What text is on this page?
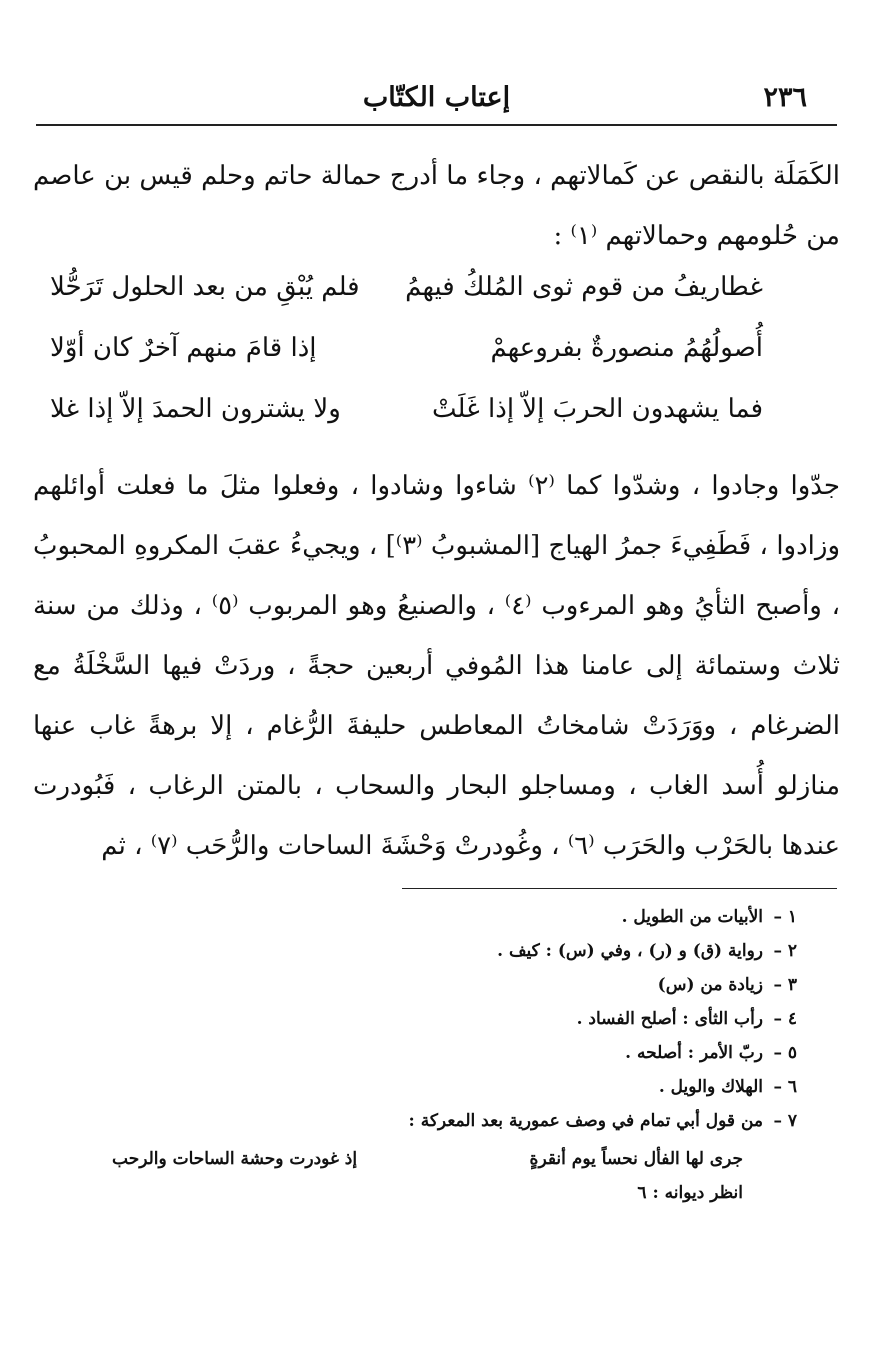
٢٣٦
إعتاب الكتّاب
الكَمَلَة بالنقص عن كَمالاتهم ، وجاء ما أدرج حمالة حاتم وحلم قيس بن عاصم من حُلومهم وحمالاتهم ⁽١⁾ :
غطاريفُ من قوم ثوى المُلكُ فيهمُ
فلم يُبْقِ من بعد الحلول تَرَحُّلا
أُصولُهُمُ منصورةٌ بفروعهمْ
إذا قامَ منهم آخرٌ كان أوّلا
فما يشهدون الحربَ إلاّ إذا غَلَتْ
ولا يشترون الحمدَ إلاّ إذا غلا
جدّوا وجادوا ، وشدّوا كما ⁽٢⁾ شاءوا وشادوا ، وفعلوا مثلَ ما فعلت أوائلهم وزادوا ، فَطَفِيءَ جمرُ الهياج [المشبوبُ ⁽٣⁾] ، ويجيءُ عقبَ المكروهِ المحبوبُ ، وأصبح الثأيُ وهو المرءوب ⁽٤⁾ ، والصنيعُ وهو المربوب ⁽٥⁾ ، وذلك من سنة ثلاث وستمائة إلى عامنا هذا المُوفي أربعين حجةً ، وردَتْ فيها السَّخْلَةُ مع الضرغام ، ووَرَدَتْ شامخاتُ المعاطس حليفةَ الرُّغام ، إلا برهةً غاب عنها منازلو أُسد الغاب ، ومساجلو البحار والسحاب ، بالمتن الرغاب ، فَبُودرت عندها بالحَرْب والحَرَب ⁽٦⁾ ، وغُودرتْ وَحْشَةَ الساحات والرُّحَب ⁽٧⁾ ، ثم
١ –
الأبيات من الطويل .
٢ –
رواية (ق) و (ر) ، وفي (س) : كيف .
٣ –
زيادة من (س)
٤ –
رأب الثأى : أصلح الفساد .
٥ –
ربّ الأمر : أصلحه .
٦ –
الهلاك والويل .
٧ –
من قول أبي تمام في وصف عمورية بعد المعركة :
جرى لها الفأل نحساً يوم أنقرةٍ
إذ غودرت وحشة الساحات والرحب
انظر ديوانه : ٦
